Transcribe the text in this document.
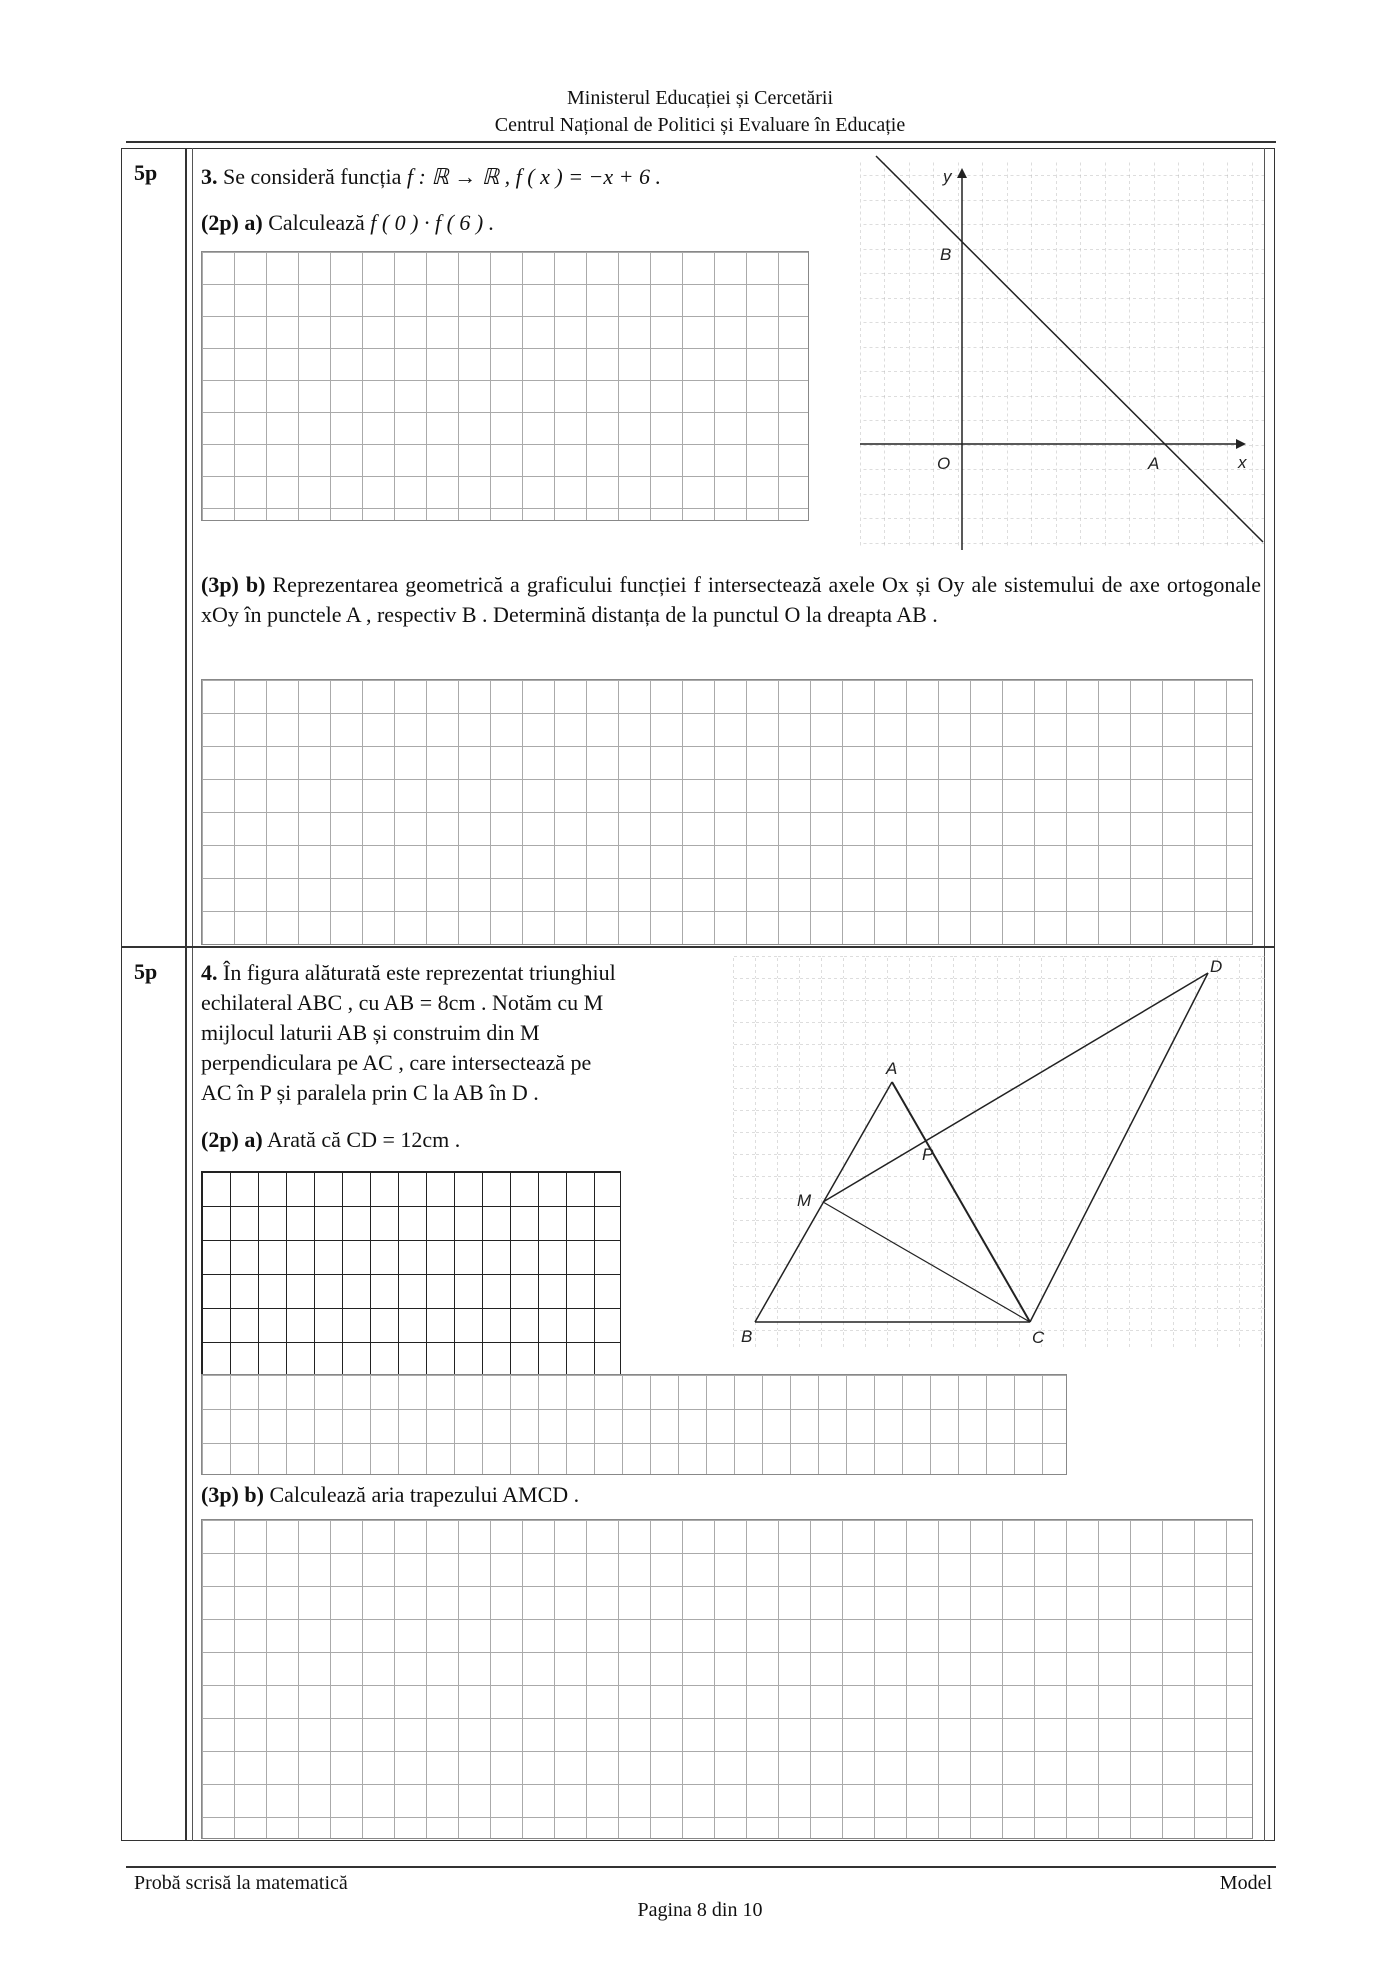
Ministerul Educației și Cercetării
Centrul Național de Politici și Evaluare în Educație
5p 3. Se consideră funcția f : ℝ → ℝ , f ( x ) = −x + 6 .
(2p) a) Calculează f ( 0 ) · f ( 6 ) .
y
x
B
O	A
(3p) b) Reprezentarea geometrică a graficului funcției f intersectează axele Ox și Oy ale sistemului de axe ortogonale xOy în punctele A , respectiv B . Determină distanța de la punctul O la dreapta AB .
5p 4. În figura alăturată este reprezentat triunghiul
echilateral ABC , cu AB = 8cm . Notăm cu M
mijlocul laturii AB și construim din M
perpendiculara pe AC , care intersectează pe
AC în P și paralela prin C la AB în D .
(2p) a) Arată că CD = 12cm .
A
B	C
D
M
P
(3p) b) Calculează aria trapezului AMCD .
Probă scrisă la matematică	Model
Pagina 8 din 10
